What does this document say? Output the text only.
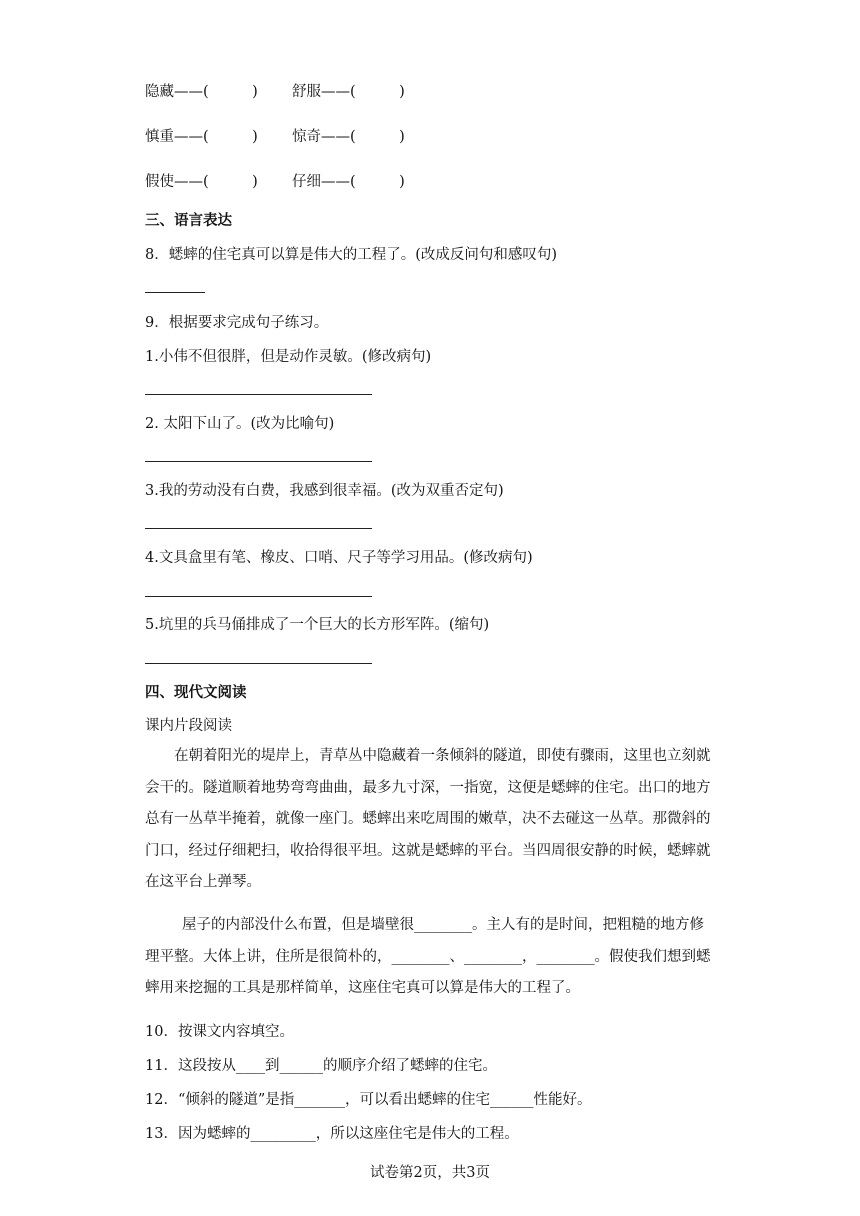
隐藏——(　　　) 舒服——(　　　)
慎重——(　　　) 惊奇——(　　　)
假使——(　　　) 仔细——(　　　)
三、语言表达
8．蟋蟀的住宅真可以算是伟大的工程了。(改成反问句和感叹句)
9．根据要求完成句子练习。
1.小伟不但很胖，但是动作灵敏。(修改病句)
2. 太阳下山了。(改为比喻句)
3.我的劳动没有白费，我感到很幸福。(改为双重否定句)
4.文具盒里有笔、橡皮、口哨、尺子等学习用品。(修改病句)
5.坑里的兵马俑排成了一个巨大的长方形军阵。(缩句)
四、现代文阅读
课内片段阅读
在朝着阳光的堤岸上，青草丛中隐藏着一条倾斜的隧道，即使有骤雨，这里也立刻就会干的。隧道顺着地势弯弯曲曲，最多九寸深，一指宽，这便是蟋蟀的住宅。出口的地方总有一丛草半掩着，就像一座门。蟋蟀出来吃周围的嫩草，决不去碰这一丛草。那微斜的门口，经过仔细耙扫，收拾得很平坦。这就是蟋蟀的平台。当四周很安静的时候，蟋蟀就在这平台上弹琴。
屋子的内部没什么布置，但是墙壁很________。主人有的是时间，把粗糙的地方修理平整。大体上讲，住所是很简朴的，________、________，________。假使我们想到蟋蟀用来挖掘的工具是那样简单，这座住宅真可以算是伟大的工程了。
10．按课文内容填空。
11．这段按从____到______的顺序介绍了蟋蟀的住宅。
12．“倾斜的隧道”是指_______，可以看出蟋蟀的住宅______性能好。
13．因为蟋蟀的_________，所以这座住宅是伟大的工程。
试卷第2页，共3页
